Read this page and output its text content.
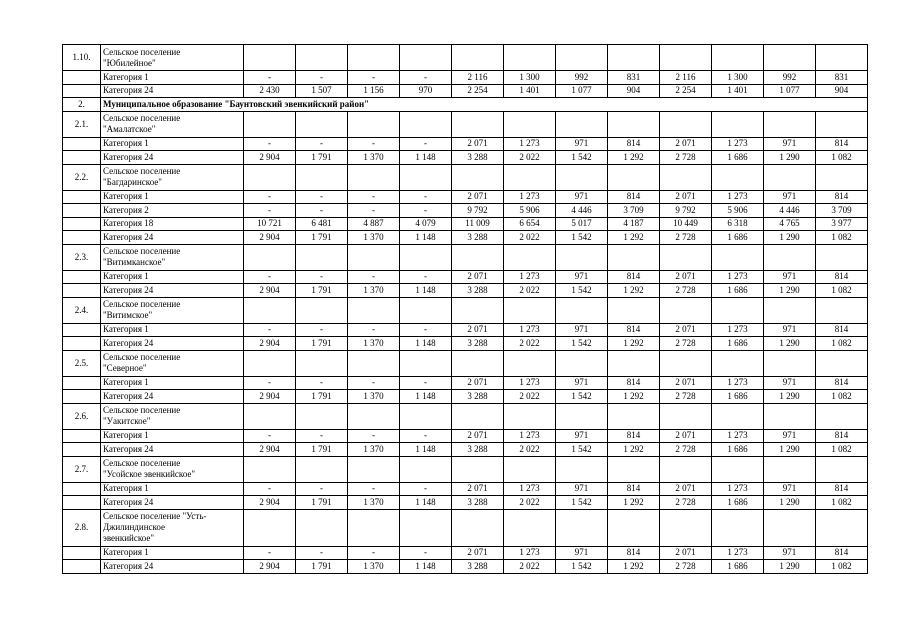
1.10.	Сельское поселение
"Юбилейное"												

	Категория 1	-	-	-	-	2 116	1 300	992	831	2 116	1 300	992	831
	Категория 24	2 430	1 507	1 156	970	2 254	1 401	1 077	904	2 254	1 401	1 077	904
2.	Муниципальное образование "Баунтовский эвенкийский район"												
2.1.	Сельское поселение
"Амалатское"												

	Категория 1	-	-	-	-	2 071	1 273	971	814	2 071	1 273	971	814
	Категория 24	2 904	1 791	1 370	1 148	3 288	2 022	1 542	1 292	2 728	1 686	1 290	1 082
2.2.	Сельское поселение
"Багдаринское"												

	Категория 1	-	-	-	-	2 071	1 273	971	814	2 071	1 273	971	814
	Категория 2	-	-	-	-	9 792	5 906	4 446	3 709	9 792	5 906	4 446	3 709
	Категория 18	10 721	6 481	4 887	4 079	11 009	6 654	5 017	4 187	10 449	6 318	4 765	3 977
	Категория 24	2 904	1 791	1 370	1 148	3 288	2 022	1 542	1 292	2 728	1 686	1 290	1 082
2.3.	Сельское поселение
"Витимканское"												

	Категория 1	-	-	-	-	2 071	1 273	971	814	2 071	1 273	971	814
	Категория 24	2 904	1 791	1 370	1 148	3 288	2 022	1 542	1 292	2 728	1 686	1 290	1 082
2.4.	Сельское поселение
"Витимское"												

	Категория 1	-	-	-	-	2 071	1 273	971	814	2 071	1 273	971	814
	Категория 24	2 904	1 791	1 370	1 148	3 288	2 022	1 542	1 292	2 728	1 686	1 290	1 082
2.5.	Сельское поселение
"Северное"												

	Категория 1	-	-	-	-	2 071	1 273	971	814	2 071	1 273	971	814
	Категория 24	2 904	1 791	1 370	1 148	3 288	2 022	1 542	1 292	2 728	1 686	1 290	1 082
2.6.	Сельское поселение
"Уакитское"												

	Категория 1	-	-	-	-	2 071	1 273	971	814	2 071	1 273	971	814
	Категория 24	2 904	1 791	1 370	1 148	3 288	2 022	1 542	1 292	2 728	1 686	1 290	1 082
2.7.	Сельское поселение
"Усойское эвенкийское"												

	Категория 1	-	-	-	-	2 071	1 273	971	814	2 071	1 273	971	814
	Категория 24	2 904	1 791	1 370	1 148	3 288	2 022	1 542	1 292	2 728	1 686	1 290	1 082
2.8.	Сельское поселение "Усть-
Джилиндинское
эвенкийское"												

	Категория 1	-	-	-	-	2 071	1 273	971	814	2 071	1 273	971	814
	Категория 24	2 904	1 791	1 370	1 148	3 288	2 022	1 542	1 292	2 728	1 686	1 290	1 082
